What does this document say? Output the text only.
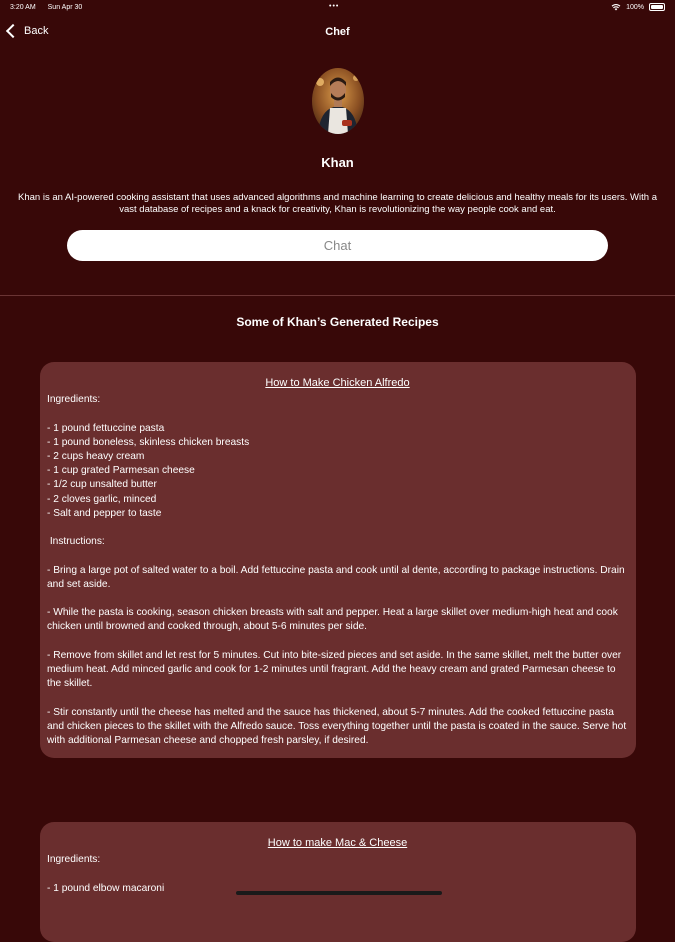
3:20 AM Sun Apr 30	•••	100%
Back	Chef
Khan
Khan is an AI-powered cooking assistant that uses advanced algorithms and machine learning to create delicious and healthy meals for its users. With a vast database of recipes and a knack for creativity, Khan is revolutionizing the way people cook and eat.
Chat
Some of Khan’s Generated Recipes
How to Make Chicken Alfredo
Ingredients:

- 1 pound fettuccine pasta
- 1 pound boneless, skinless chicken breasts
- 2 cups heavy cream
- 1 cup grated Parmesan cheese
- 1/2 cup unsalted butter
- 2 cloves garlic, minced
- Salt and pepper to taste

Instructions:

- Bring a large pot of salted water to a boil. Add fettuccine pasta and cook until al dente, according to package instructions. Drain and set aside.

- While the pasta is cooking, season chicken breasts with salt and pepper. Heat a large skillet over medium-high heat and cook chicken until browned and cooked through, about 5-6 minutes per side.

- Remove from skillet and let rest for 5 minutes. Cut into bite-sized pieces and set aside. In the same skillet, melt the butter over medium heat. Add minced garlic and cook for 1-2 minutes until fragrant. Add the heavy cream and grated Parmesan cheese to the skillet.

- Stir constantly until the cheese has melted and the sauce has thickened, about 5-7 minutes. Add the cooked fettuccine pasta and chicken pieces to the skillet with the Alfredo sauce. Toss everything together until the pasta is coated in the sauce. Serve hot with additional Parmesan cheese and chopped fresh parsley, if desired.
How to make Mac & Cheese
Ingredients:

- 1 pound elbow macaroni
